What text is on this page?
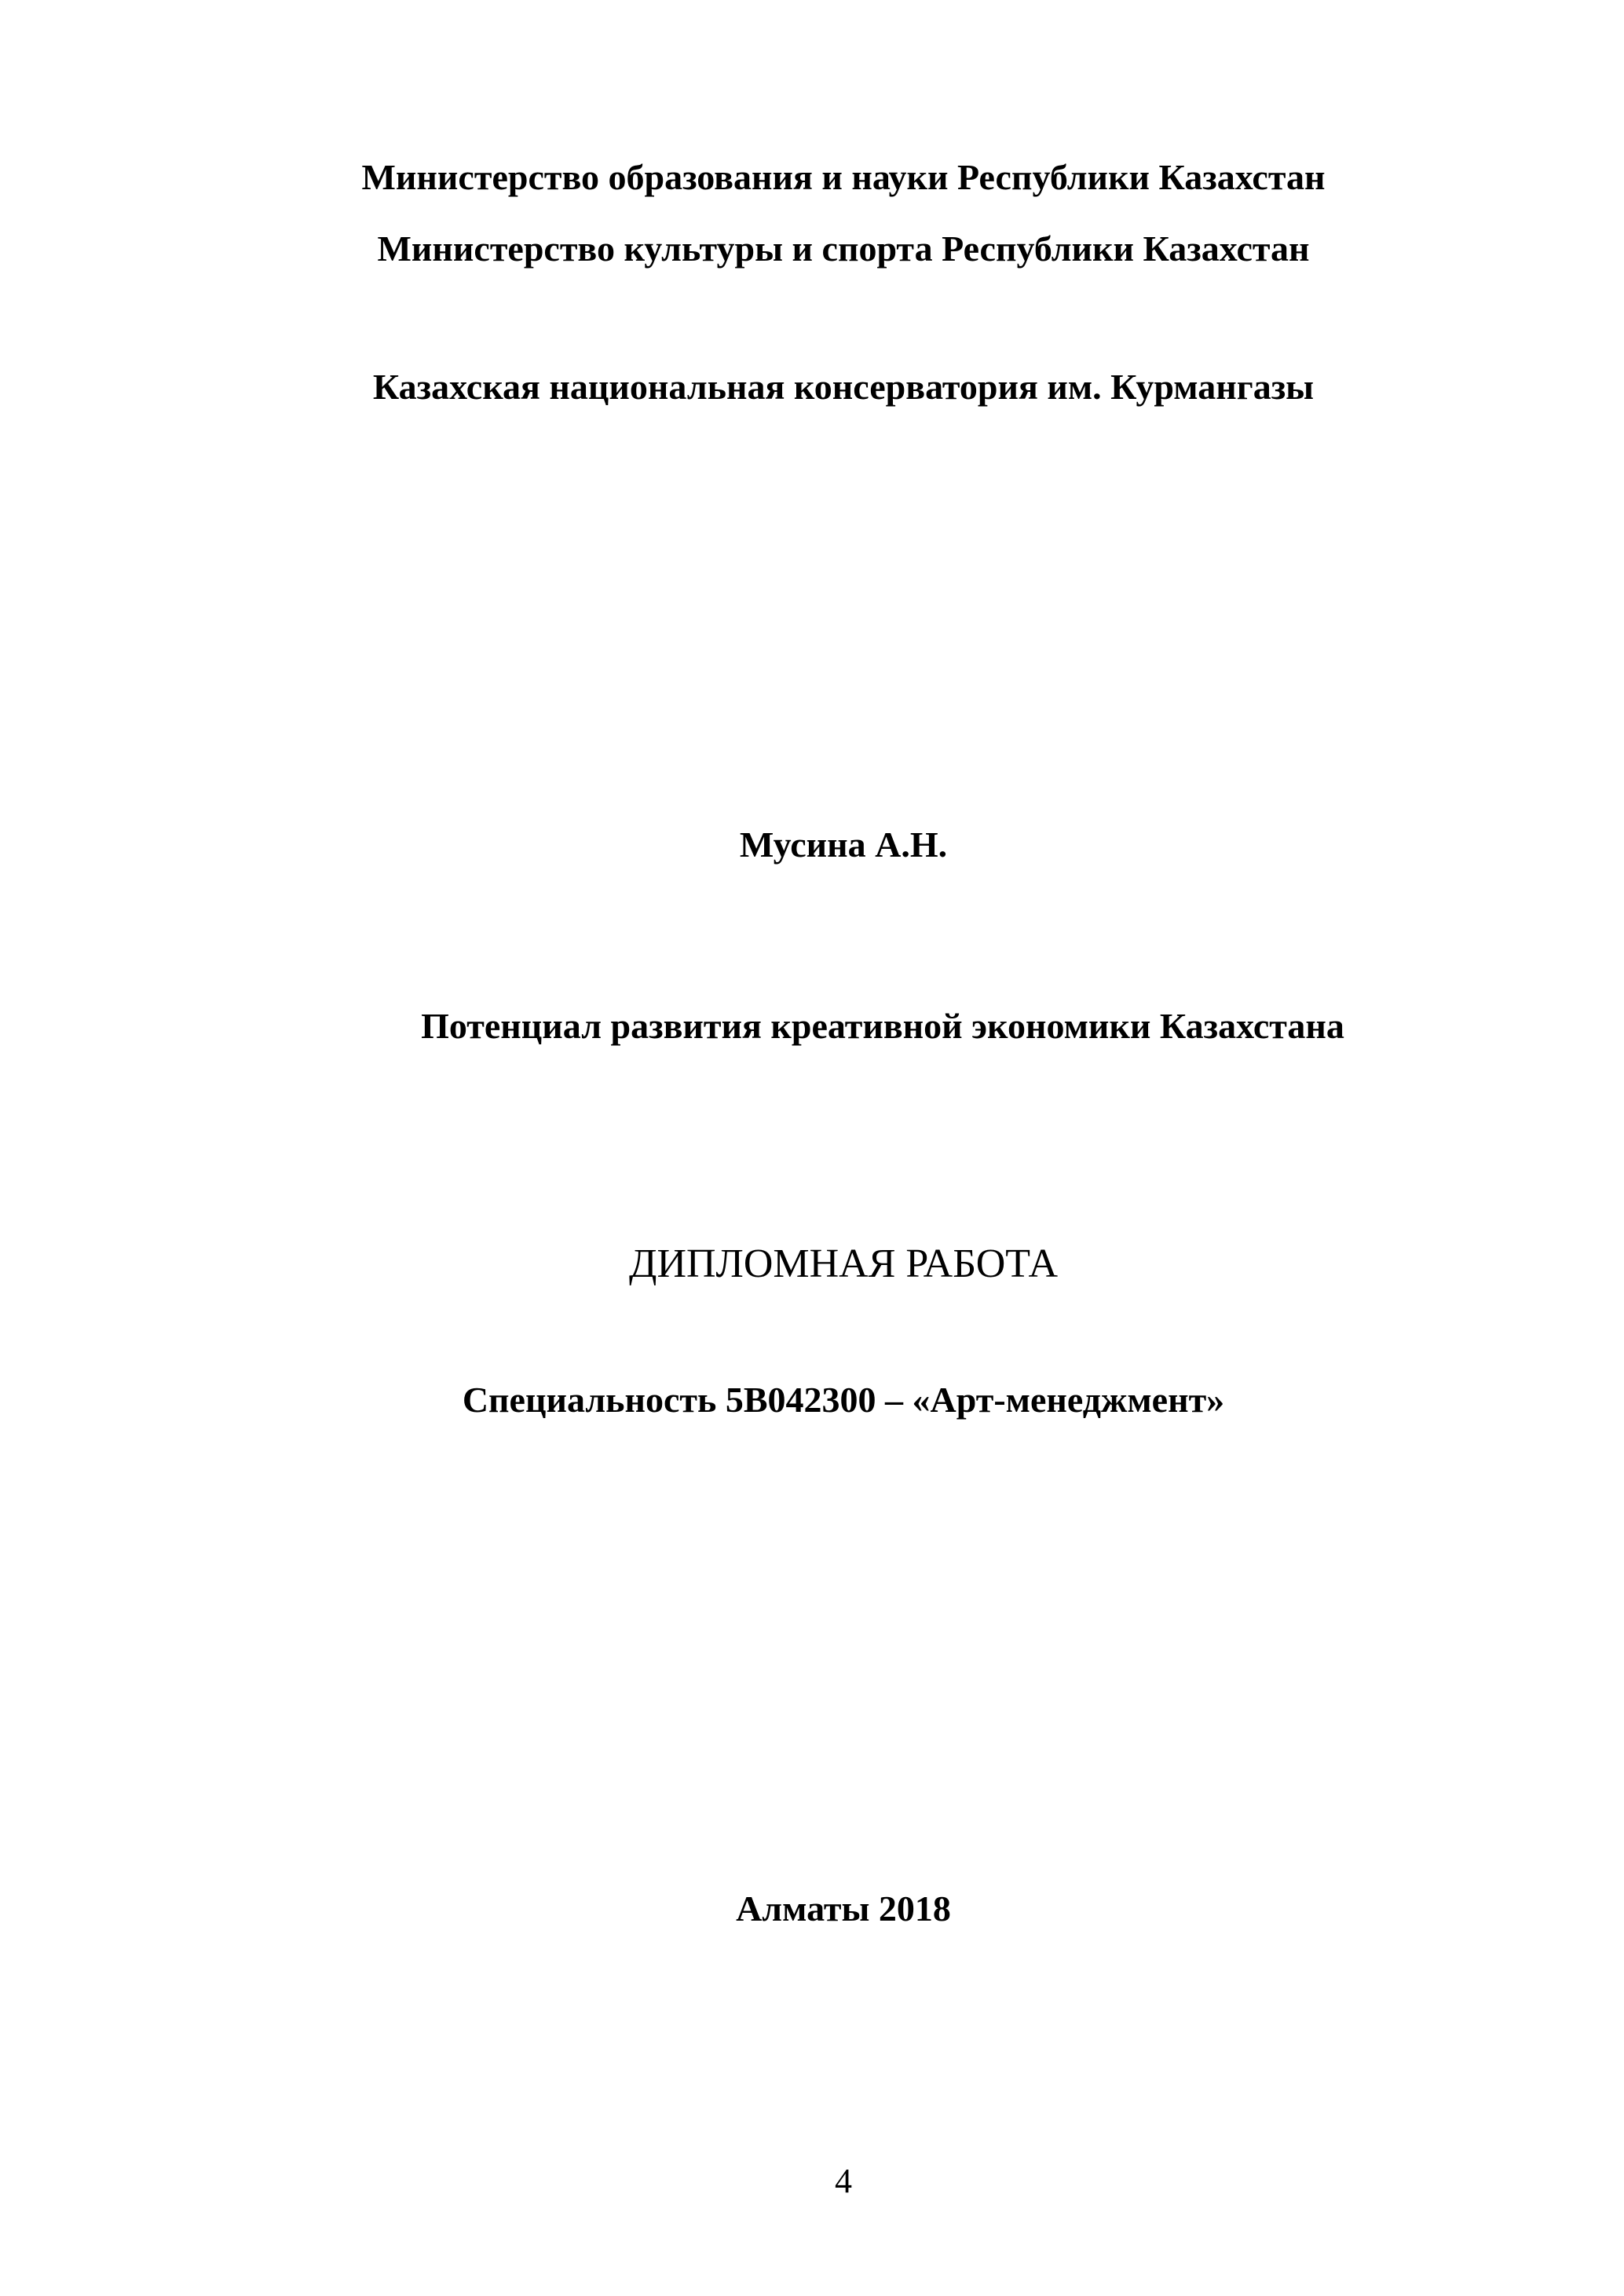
Министерство образования и науки Республики Казахстан
Министерство культуры и спорта Республики Казахстан
Казахская национальная консерватория им. Курмангазы
Мусина А.Н.
Потенциал развития креативной экономики Казахстана
ДИПЛОМНАЯ РАБОТА
Специальность 5В042300 – «Арт-менеджмент»
Алматы 2018
4
